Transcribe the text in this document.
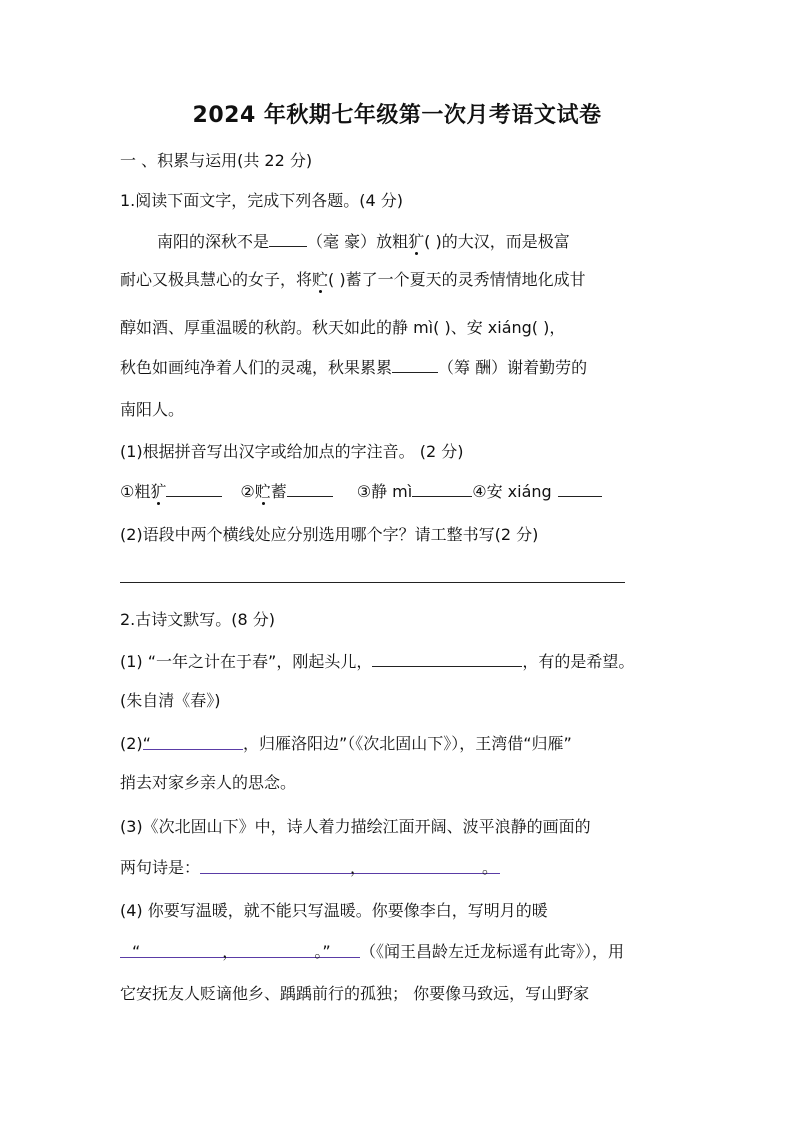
2024 年秋期七年级第一次月考语文试卷
一 、积累与运用(共 22 分)
1.阅读下面文字，完成下列各题。(4 分)
南阳的深秋不是 （毫 豪）放粗犷( )的大汉，而是极富
耐心又极具慧心的女子，将贮( )蓄了一个夏天的灵秀情情地化成甘
醇如酒、厚重温暖的秋韵。秋天如此的静 mì( )、安 xiáng( )，
秋色如画纯净着人们的灵魂，秋果累累	（筹 酬）谢着勤劳的
南阳人。
(1)根据拼音写出汉字或给加点的字注音。 (2 分)
①粗犷	②贮蓄	③静 mì	④安 xiáng
(2)语段中两个横线处应分别选用哪个字？请工整书写(2 分)
2.古诗文默写。(8 分)
(1) “一年之计在于春”，刚起头儿，	，有的是希望。
(朱自清《春》)
(2)“	，归雁洛阳边”（《次北固山下》），王湾借“归雁”
捎去对家乡亲人的思念。
(3)《次北固山下》中，诗人着力描绘江面开阔、波平浪静的画面的
两句诗是：	，	。
(4) 你要写温暖，就不能只写温暖。你要像李白，写明月的暖
“	，	。” （《闻王昌龄左迁龙标遥有此寄》），用
它安抚友人贬谪他乡、踽踽前行的孤独； 你要像马致远，写山野家
